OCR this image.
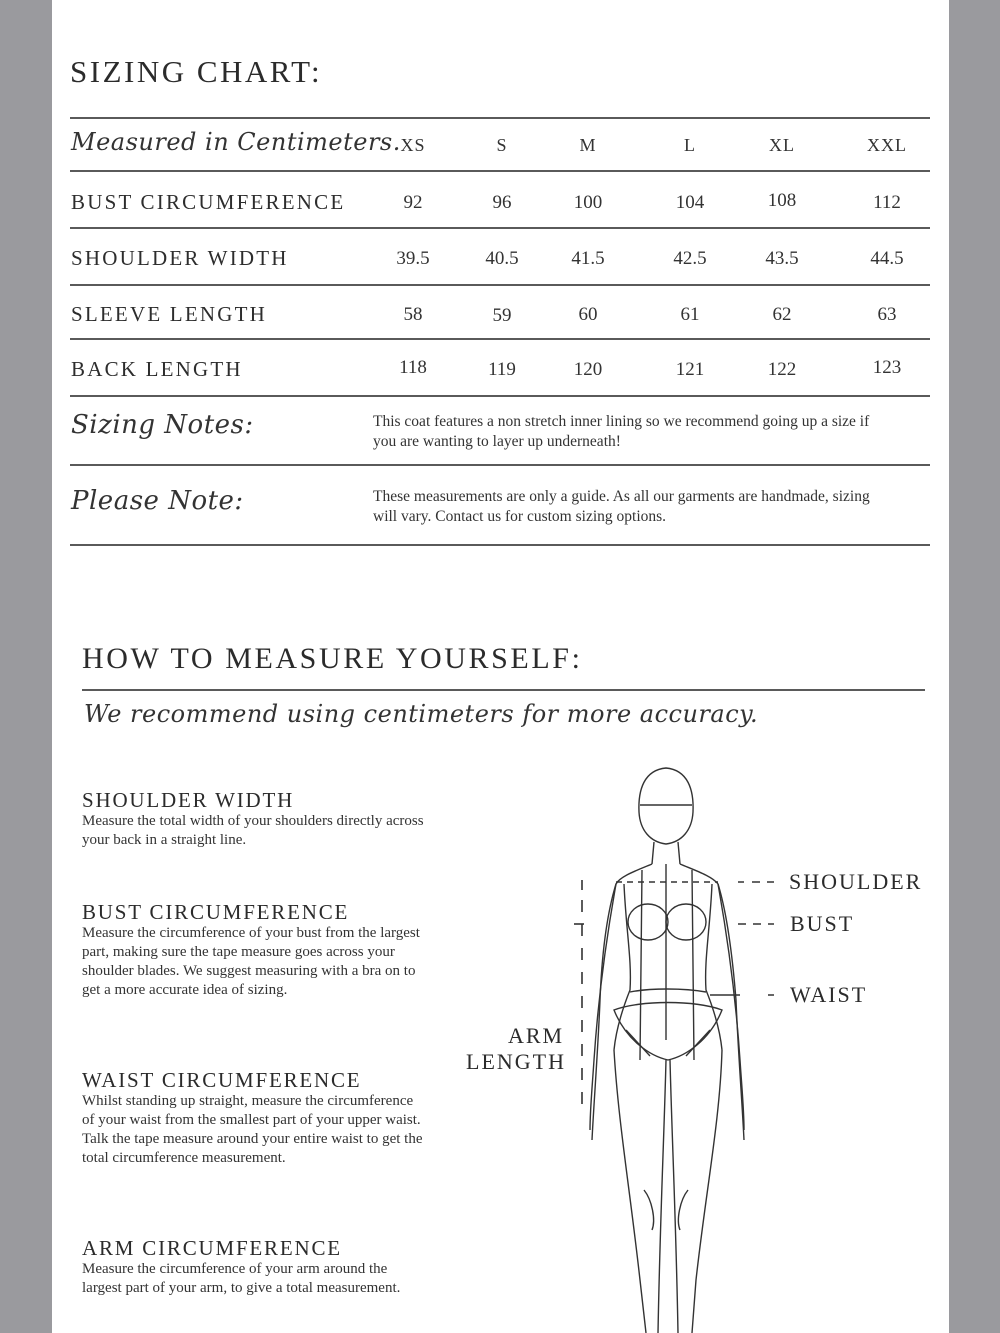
SIZING CHART:
Measured in Centimeters. XS	S	M	L	XL	XXL
BUST CIRCUMFERENCE	92	96	100	104	108	112
SHOULDER WIDTH	39.5	40.5	41.5	42.5	43.5	44.5
SLEEVE LENGTH	58	59	60	61	62	63
BACK LENGTH	118	119	120	121	122	123
Sizing Notes:	This coat features a non stretch inner lining so we recommend going up a size if you are wanting to layer up underneath!
Please Note:	These measurements are only a guide. As all our garments are handmade, sizing will vary. Contact us for custom sizing options.
HOW TO MEASURE YOURSELF:
We recommend using centimeters for more accuracy.
SHOULDER WIDTH
Measure the total width of your shoulders directly across your back in a straight line.
BUST CIRCUMFERENCE
Measure the circumference of your bust from the largest part, making sure the tape measure goes across your shoulder blades. We suggest measuring with a bra on to get a more accurate idea of sizing.
WAIST CIRCUMFERENCE
Whilst standing up straight, measure the circumference of your waist from the smallest part of your upper waist. Talk the tape measure around your entire waist to get the total circumference measurement.
ARM CIRCUMFERENCE
Measure the circumference of your arm around the largest part of your arm, to give a total measurement.
SHOULDER
BUST
WAIST
ARM
LENGTH
